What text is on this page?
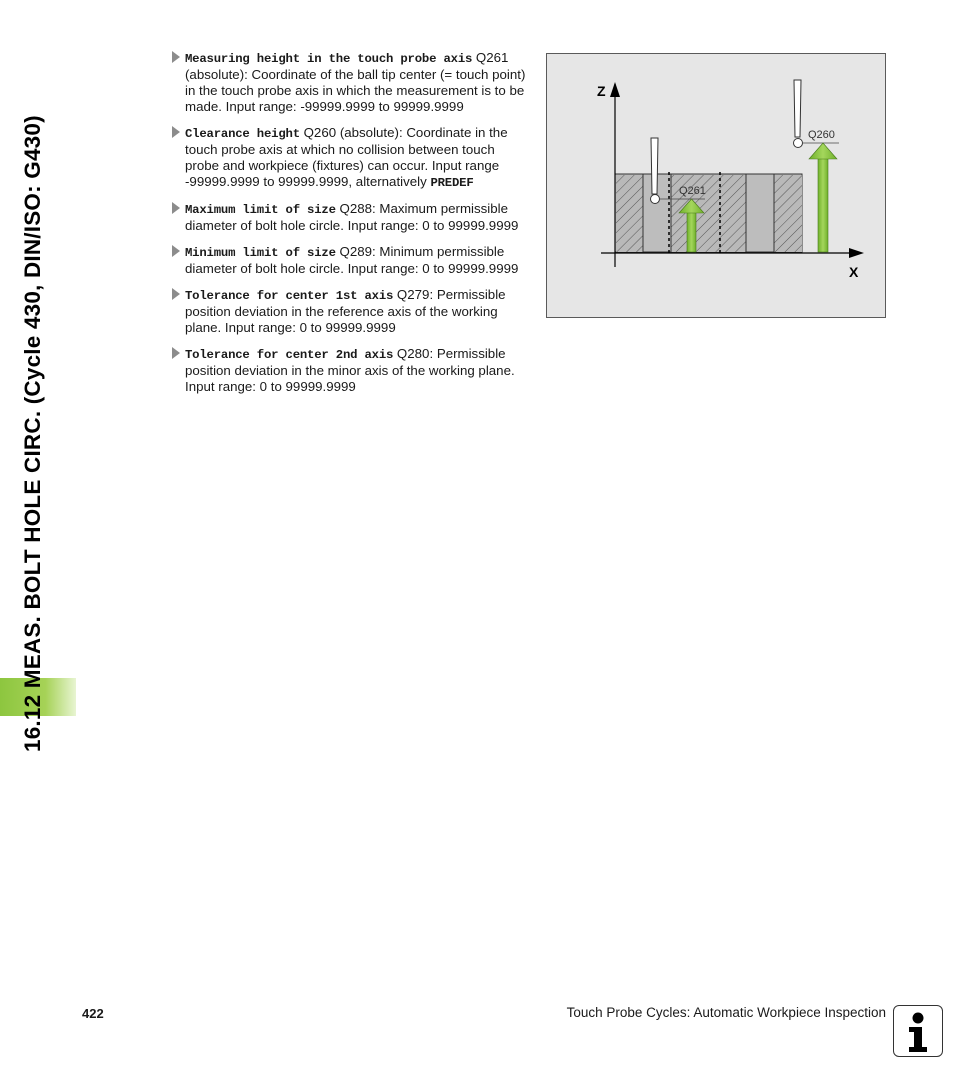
16.12 MEAS. BOLT HOLE CIRC. (Cycle 430, DIN/ISO: G430)
Measuring height in the touch probe axis Q261 (absolute): Coordinate of the ball tip center (= touch point) in the touch probe axis in which the measurement is to be made. Input range: -99999.9999 to 99999.9999
Clearance height Q260 (absolute): Coordinate in the touch probe axis at which no collision between touch probe and workpiece (fixtures) can occur. Input range -99999.9999 to 99999.9999, alternatively PREDEF
Maximum limit of size Q288: Maximum permissible diameter of bolt hole circle. Input range: 0 to 99999.9999
Minimum limit of size Q289: Minimum permissible diameter of bolt hole circle. Input range: 0 to 99999.9999
Tolerance for center 1st axis Q279: Permissible position deviation in the reference axis of the working plane. Input range: 0 to 99999.9999
Tolerance for center 2nd axis Q280: Permissible position deviation in the minor axis of the working plane. Input range: 0 to 99999.9999
Z
X
Q261
Q260
422	Touch Probe Cycles: Automatic Workpiece Inspection
